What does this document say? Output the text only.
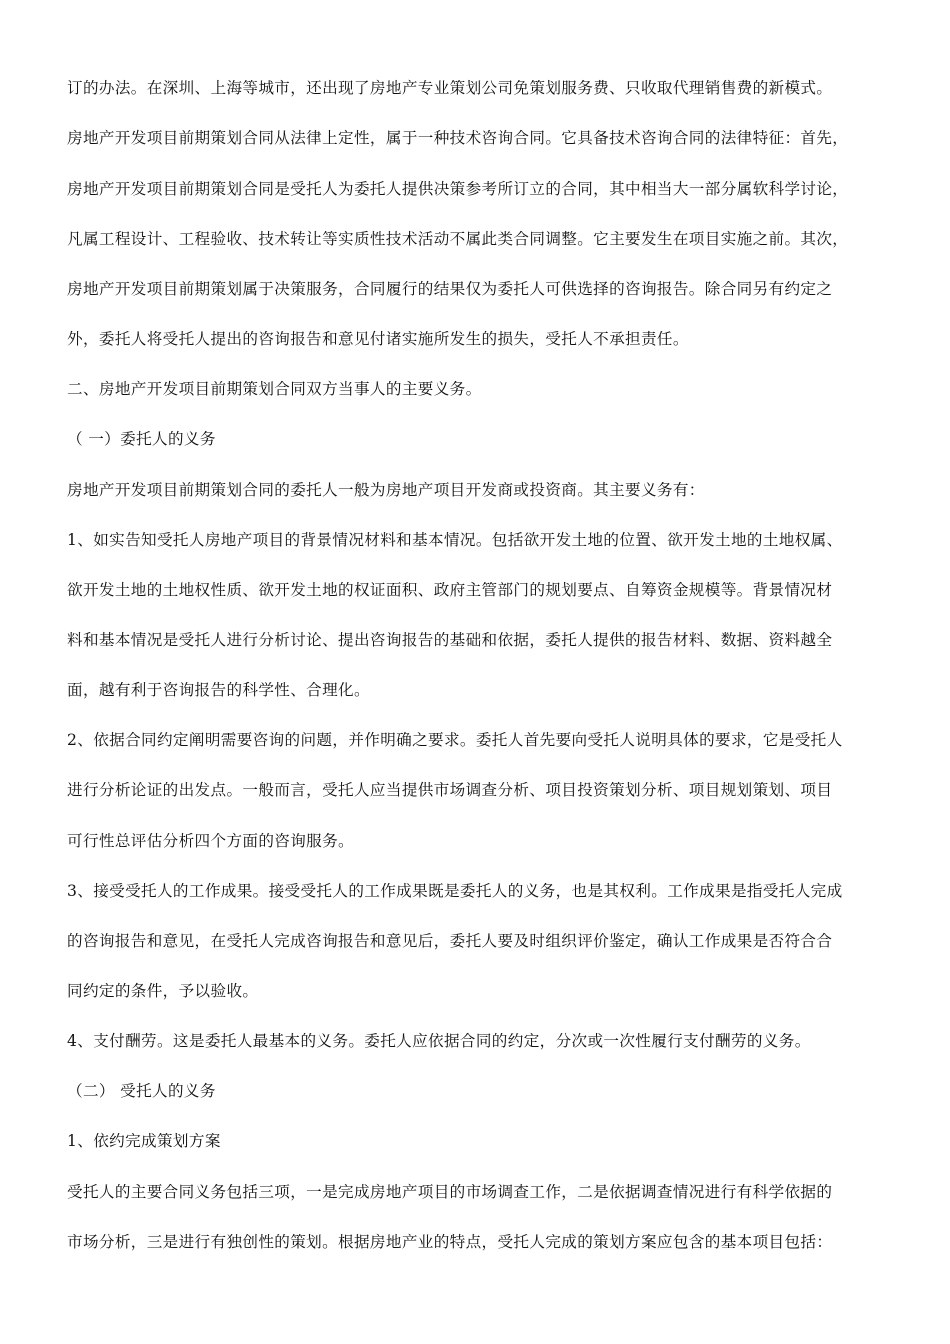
订的办法。在深圳、上海等城市，还出现了房地产专业策划公司免策划服务费、只收取代理销售费的新模式。
房地产开发项目前期策划合同从法律上定性，属于一种技术咨询合同。它具备技术咨询合同的法律特征：首先，
房地产开发项目前期策划合同是受托人为委托人提供决策参考所订立的合同，其中相当大一部分属软科学讨论，
凡属工程设计、工程验收、技术转让等实质性技术活动不属此类合同调整。它主要发生在项目实施之前。其次，
房地产开发项目前期策划属于决策服务，合同履行的结果仅为委托人可供选择的咨询报告。除合同另有约定之
外，委托人将受托人提出的咨询报告和意见付诸实施所发生的损失，受托人不承担责任。
二、房地产开发项目前期策划合同双方当事人的主要义务。
（ 一）委托人的义务
房地产开发项目前期策划合同的委托人一般为房地产项目开发商或投资商。其主要义务有：
1、如实告知受托人房地产项目的背景情况材料和基本情况。包括欲开发土地的位置、欲开发土地的土地权属、
欲开发土地的土地权性质、欲开发土地的权证面积、政府主管部门的规划要点、自筹资金规模等。背景情况材
料和基本情况是受托人进行分析讨论、提出咨询报告的基础和依据，委托人提供的报告材料、数据、资料越全
面，越有利于咨询报告的科学性、合理化。
2、依据合同约定阐明需要咨询的问题，并作明确之要求。委托人首先要向受托人说明具体的要求，它是受托人
进行分析论证的出发点。一般而言，受托人应当提供市场调查分析、项目投资策划分析、项目规划策划、项目
可行性总评估分析四个方面的咨询服务。
3、接受受托人的工作成果。接受受托人的工作成果既是委托人的义务，也是其权利。工作成果是指受托人完成
的咨询报告和意见，在受托人完成咨询报告和意见后，委托人要及时组织评价鉴定，确认工作成果是否符合合
同约定的条件，予以验收。
4、支付酬劳。这是委托人最基本的义务。委托人应依据合同的约定，分次或一次性履行支付酬劳的义务。
（二） 受托人的义务
1、依约完成策划方案
受托人的主要合同义务包括三项，一是完成房地产项目的市场调查工作，二是依据调查情况进行有科学依据的
市场分析，三是进行有独创性的策划。根据房地产业的特点，受托人完成的策划方案应包含的基本项目包括：
